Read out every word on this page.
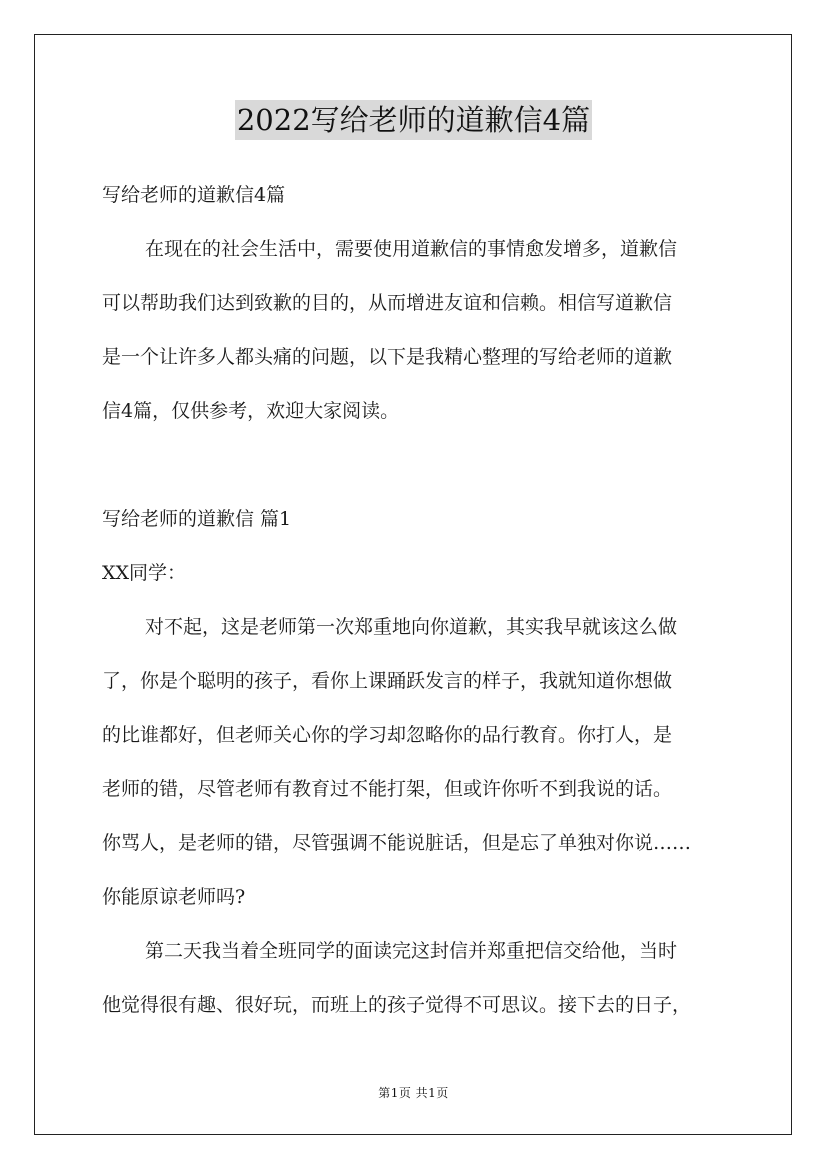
2022写给老师的道歉信4篇
写给老师的道歉信4篇
在现在的社会生活中，需要使用道歉信的事情愈发增多，道歉信
可以帮助我们达到致歉的目的，从而增进友谊和信赖。相信写道歉信
是一个让许多人都头痛的问题，以下是我精心整理的写给老师的道歉
信4篇，仅供参考，欢迎大家阅读。
写给老师的道歉信 篇1
XX同学：
对不起，这是老师第一次郑重地向你道歉，其实我早就该这么做
了，你是个聪明的孩子，看你上课踊跃发言的样子，我就知道你想做
的比谁都好，但老师关心你的学习却忽略你的品行教育。你打人，是
老师的错，尽管老师有教育过不能打架，但或许你听不到我说的话。
你骂人，是老师的错，尽管强调不能说脏话，但是忘了单独对你说……
你能原谅老师吗?
第二天我当着全班同学的面读完这封信并郑重把信交给他，当时
他觉得很有趣、很好玩，而班上的孩子觉得不可思议。接下去的日子，
第1页 共1页
